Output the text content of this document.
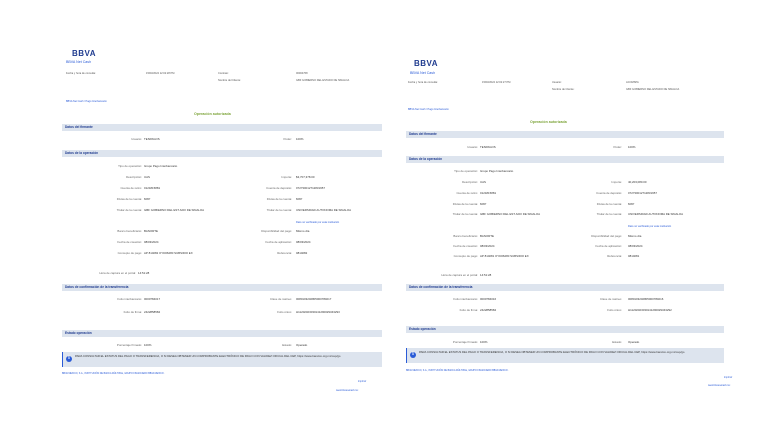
BBVA
BBVA Net Cash
Fecha y hora de consulta:	15/03/2024 12:02:28 PM	Contrato:	00004768
Nombre del Cliente:	GBF GOBIERNO DEL ESTADO DE SINALOA
BBVA Net Cash / Pago Interbancario
Operación autorizada
Datos del firmante
Usuario: TESPAGOS	Poder: 100%
Datos de la operación
Tipo de operación: Grupo Pago Interbancario
Descripción: UAS	Importe: $3,707,378.00
Cuenta de retiro: 0121815881	Cuenta de depósito: 072730012712831957
Divisa de la cuenta: MXP	Divisa de la cuenta: MXP
Titular de la cuenta: GBF GOBIERNO DEL EST ADO DE SINALOA	Titular de la cuenta: UNIVERSIDAD AUTONOMA DE SINALOA
Dato no verificado por esta institución
Banco beneficiario: BANORTE	Disponibilidad del pago: Mismo día
Fecha de creación: 08/03/2024	Fecha de aplicación: 08/03/2024
Concepto de pago: AP 814082 OYD06280 SUBSIDIO EX	Referencia: 0814082
Hora de captura en el portal: 14:51:28
Datos de confirmación de la transferencia
Folio interbancario: 0000784017	Clave de rastreo: 0080103240805000784017
Folio de firma: 2422858584	Folio único: H11202403030141290029343293
Estado operación
Porcentaje firmado: 100%	Estado: Operado
i	PARA CONSULTAR EL ESTATUS DEL PAGO O TRANSFERENCIA, O SI DESEA OBTENER UN COMPROBANTE ELECTRÓNICO DE PAGO CON VALIDEZ OFICIAL DEL CEP, https://www.banxico.org.mx/cep/go
BBVA MEXICO, S.A., INSTITUCIÓN DE BANCA MÚLTIPLE, GRUPO FINANCIERO BBVA MEXICO.
Imprimir
www.bbvanetcash.mx
BBVA
BBVA Net Cash
Fecha y hora de consulta:	15/03/2024 12:02:27 PM	Usuario:	ACOMSPA
Nombre de Cliente:	GBF GOBIERNO DEL ESTADO DE SINALOA
BBVA Net Cash / Pago Interbancario
Operación autorizada
Datos del firmante
Usuario: TESPAGOS	Poder: 100%
Datos de la operación
Tipo de operación: Grupo Pago Interbancario
Descripción: UAS	Importe: 40,203,080.00
Cuenta de retiro: 0121815881	Cuenta de depósito: 072730012712831957
Divisa de la cuenta: MXP	Divisa de la cuenta: MXP
Titular de la cuenta: GBF GOBIERNO DEL EST ADO DE SINALOA	Titular de la cuenta: UNIVERSIDAD AUTONOMA DE SINALOA
Dato no verificado por esta institución
Banco beneficiario: BANORTE	Disponibilidad del pago: Mismo día
Fecha de creación: 08/03/2024	Fecha de aplicación: 08/03/2024
Concepto de pago: AP 814081 OYD06280 SUBSIDIO EX	Referencia: 0814081
Hora de captura en el portal: 14:51:28
Datos de confirmación de la transferencia
Folio interbancario: 0000784016	Clave de rastreo: 0080103240805000784016
Folio de firma: 2422858584	Folio único: H11202403030141290029343292
Estado operación
Porcentaje firmado: 100%	Estado: Operado
i	PARA CONSULTAR EL ESTATUS DEL PAGO O TRANSFERENCIA, O SI DESEA OBTENER UN COMPROBANTE ELECTRÓNICO DE PAGO CON VALIDEZ OFICIAL DEL CEP, https://www.banxico.org.mx/cep/go
BBVA MEXICO, S.A., INSTITUCIÓN DE BANCA MÚLTIPLE, GRUPO FINANCIERO BBVA MEXICO.
Imprimir
www.bbvanetcash.mx
